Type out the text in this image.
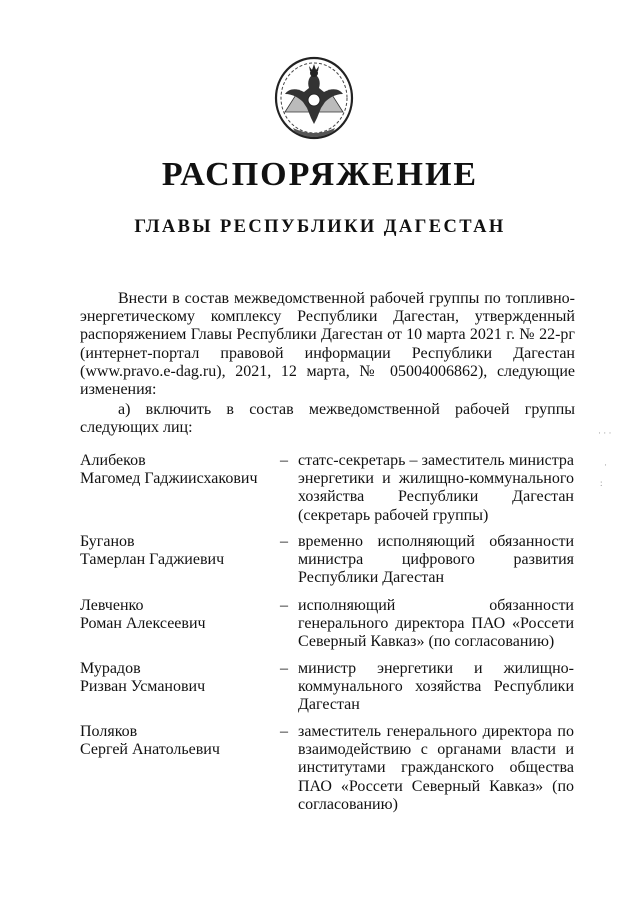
РАСПОРЯЖЕНИЕ
ГЛАВЫ РЕСПУБЛИКИ ДАГЕСТАН

Внести в состав межведомственной рабочей группы по топливно-энергетическому комплексу Республики Дагестан, утвержденный распоряжением Главы Республики Дагестан от 10 марта 2021 г. № 22-рг (интернет-портал правовой информации Республики Дагестан (www.pravo.e-dag.ru), 2021, 12 марта, № 05004006862), следующие изменения:

а) включить в состав межведомственной рабочей группы следующих лиц:

Алибеков
Магомед Гаджиисхакович
– статс-секретарь – заместитель министра энергетики и жилищно-коммунального хозяйства Республики Дагестан (секретарь рабочей группы)
Буганов
Тамерлан Гаджиевич
– временно исполняющий обязанности министра цифрового развития Республики Дагестан
Левченко
Роман Алексеевич
– исполняющий обязанности генерального директора ПАО «Россети Северный Кавказ» (по согласованию)
Мурадов
Ризван Усманович
– министр энергетики и жилищно-коммунального хозяйства Республики Дагестан
Поляков
Сергей Анатольевич
– заместитель генерального директора по взаимодействию с органами власти и институтами гражданского общества ПАО «Россети Северный Кавказ» (по согласованию)
· · ·
·
:
